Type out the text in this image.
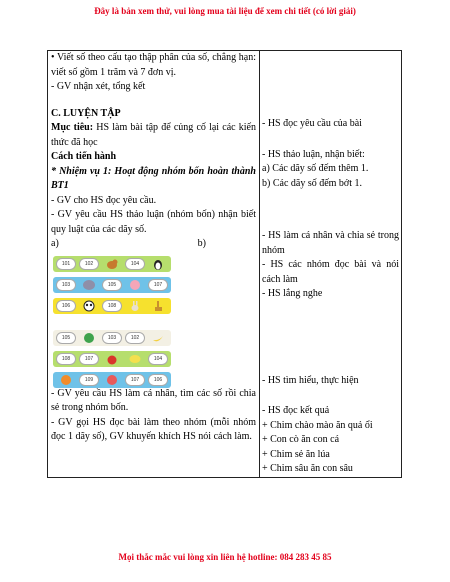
Đây là bản xem thử, vui lòng mua tài liệu để xem chi tiết (có lời giải)
• Viết số theo cấu tạo thập phân của số, chẳng hạn: viết số gồm 1 trăm và 7 đơn vị.
- GV nhận xét, tổng kết
C. LUYỆN TẬP
Mục tiêu: HS làm bài tập để củng cố lại các kiến thức đã học
Cách tiến hành
* Nhiệm vụ 1: Hoạt động nhóm bốn hoàn thành BT1
- GV cho HS đọc yêu cầu.
- GV yêu cầu HS thảo luận (nhóm bốn) nhận biết quy luật của các dãy số.
a)	b)
101	102	104
103	105	107
106	108
105	103	102
108	107	104
109	107	106
- GV yêu cầu HS làm cá nhân, tìm các số rồi chia sẻ trong nhóm bốn.
- GV gọi HS đọc bài làm theo nhóm (mỗi nhóm đọc 1 dãy số), GV khuyến khích HS nói cách làm.

- HS đọc yêu cầu của bài
- HS thảo luận, nhận biết:
a) Các dãy số đếm thêm 1.
b) Các dãy số đếm bớt 1.
- HS làm cá nhân và chia sẻ trong nhóm
- HS các nhóm đọc bài và nói cách làm
- HS lắng nghe
- HS tìm hiểu, thực hiện
- HS đọc kết quả
+ Chim chào mào ăn quả ổi
+ Con cò ăn con cá
+ Chim sẻ ăn lúa
+ Chim sâu ăn con sâu
Mọi thắc mắc vui lòng xin liên hệ hotline: 084 283 45 85
